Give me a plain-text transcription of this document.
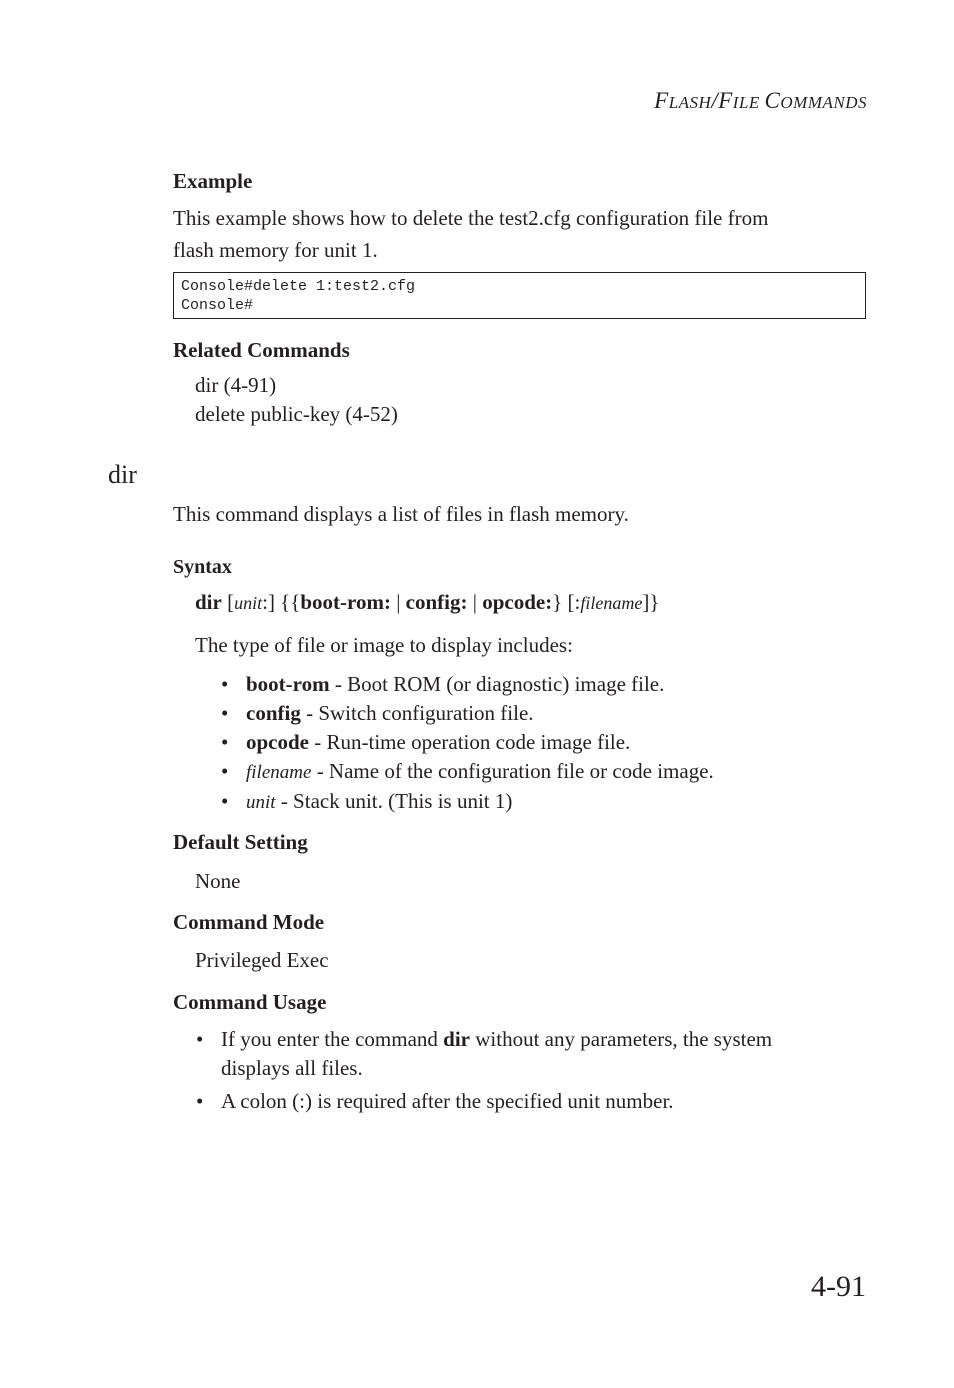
FLASH/FILE COMMANDS
Example
This example shows how to delete the test2.cfg configuration file from
flash memory for unit 1.
Console#delete 1:test2.cfg
Console#
Related Commands
dir (4-91)
delete public-key (4-52)
dir
This command displays a list of files in flash memory.
Syntax
dir [unit:] {{boot-rom: | config: | opcode:} [:filename]}
The type of file or image to display includes:
• boot-rom - Boot ROM (or diagnostic) image file.
• config - Switch configuration file.
• opcode - Run-time operation code image file.
• filename - Name of the configuration file or code image.
• unit - Stack unit. (This is unit 1)
Default Setting
None
Command Mode
Privileged Exec
Command Usage
• If you enter the command dir without any parameters, the system
displays all files.
• A colon (:) is required after the specified unit number.
4-91
